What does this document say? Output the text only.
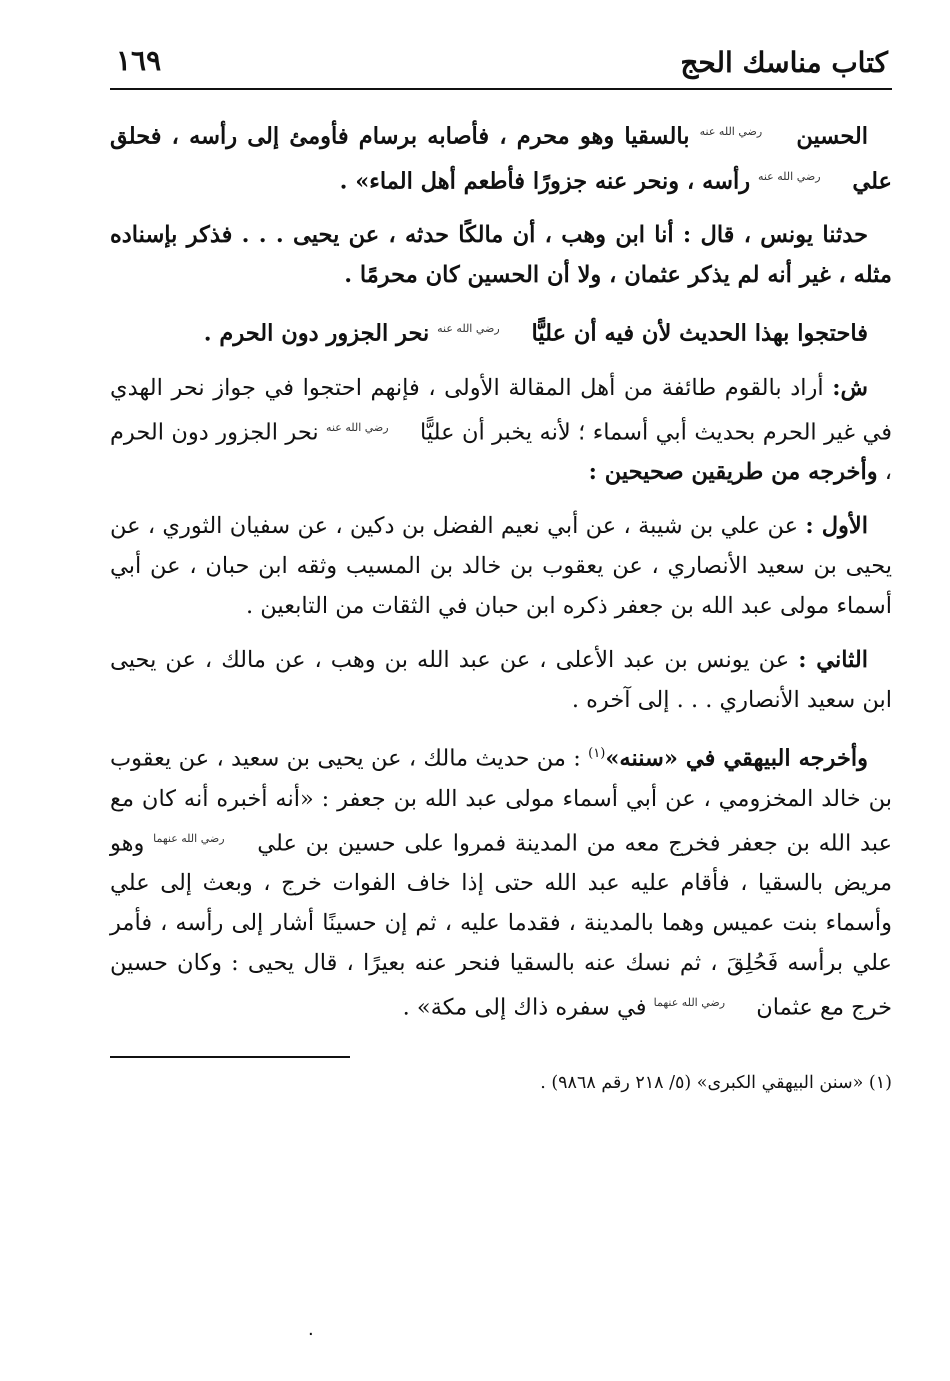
كتاب مناسك الحج
١٦٩

الحسين رضي الله عنه بالسقيا وهو محرم ، فأصابه برسام فأومئ إلى رأسه ، فحلق علي رضي الله عنه رأسه ، ونحر عنه جزورًا فأطعم أهل الماء» .

حدثنا يونس ، قال : أنا ابن وهب ، أن مالكًا حدثه ، عن يحيى . . . فذكر بإسناده مثله ، غير أنه لم يذكر عثمان ، ولا أن الحسين كان محرمًا .

فاحتجوا بهذا الحديث لأن فيه أن عليًّا رضي الله عنه نحر الجزور دون الحرم .

ش: أراد بالقوم طائفة من أهل المقالة الأولى ، فإنهم احتجوا في جواز نحر الهدي في غير الحرم بحديث أبي أسماء ؛ لأنه يخبر أن عليًّا رضي الله عنه نحر الجزور دون الحرم ، وأخرجه من طريقين صحيحين :

الأول : عن علي بن شيبة ، عن أبي نعيم الفضل بن دكين ، عن سفيان الثوري ، عن يحيى بن سعيد الأنصاري ، عن يعقوب بن خالد بن المسيب وثقه ابن حبان ، عن أبي أسماء مولى عبد الله بن جعفر ذكره ابن حبان في الثقات من التابعين .

الثاني : عن يونس بن عبد الأعلى ، عن عبد الله بن وهب ، عن مالك ، عن يحيى ابن سعيد الأنصاري . . . إلى آخره .

وأخرجه البيهقي في «سننه»$^{(١)}$ : من حديث مالك ، عن يحيى بن سعيد ، عن يعقوب بن خالد المخزومي ، عن أبي أسماء مولى عبد الله بن جعفر : «أنه أخبره أنه كان مع عبد الله بن جعفر فخرج معه من المدينة فمروا على حسين بن علي رضي الله عنهما وهو مريض بالسقيا ، فأقام عليه عبد الله حتى إذا خاف الفوات خرج ، وبعث إلى علي وأسماء بنت عميس وهما بالمدينة ، فقدما عليه ، ثم إن حسينًا أشار إلى رأسه ، فأمر علي برأسه فَحُلِقَ ، ثم نسك عنه بالسقيا فنحر عنه بعيرًا ، قال يحيى : وكان حسين خرج مع عثمان رضي الله عنهما في سفره ذاك إلى مكة» .

(١) «سنن البيهقي الكبرى» (٥/ ٢١٨ رقم ٩٨٦٨) .

٠
